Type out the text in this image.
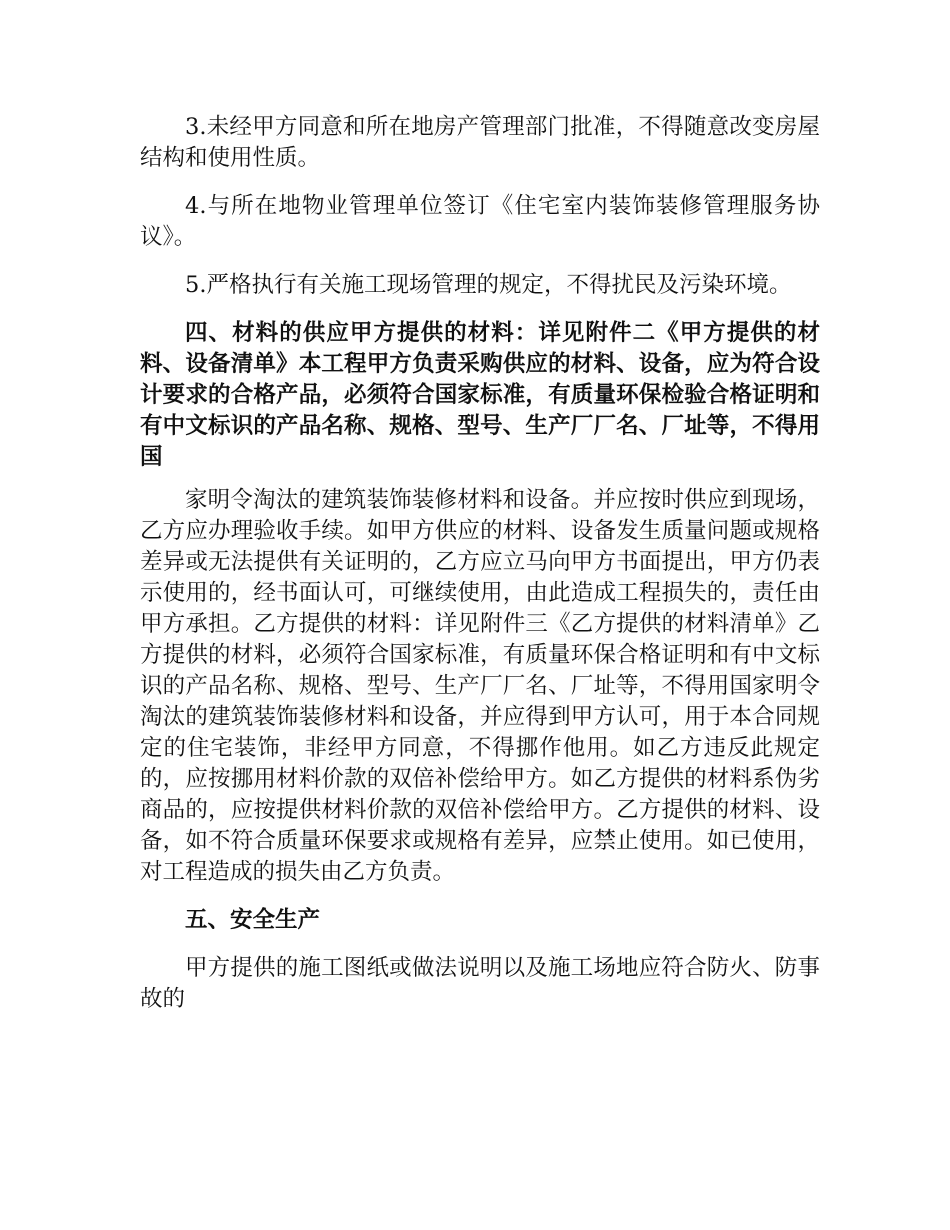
3.未经甲方同意和所在地房产管理部门批准，不得随意改变房屋结构和使用性质。

4.与所在地物业管理单位签订《住宅室内装饰装修管理服务协议》。

5.严格执行有关施工现场管理的规定，不得扰民及污染环境。

四、材料的供应甲方提供的材料：详见附件二《甲方提供的材料、设备清单》本工程甲方负责采购供应的材料、设备，应为符合设计要求的合格产品，必须符合国家标准，有质量环保检验合格证明和有中文标识的产品名称、规格、型号、生产厂厂名、厂址等，不得用国

家明令淘汰的建筑装饰装修材料和设备。并应按时供应到现场，乙方应办理验收手续。如甲方供应的材料、设备发生质量问题或规格差异或无法提供有关证明的，乙方应立马向甲方书面提出，甲方仍表示使用的，经书面认可，可继续使用，由此造成工程损失的，责任由甲方承担。乙方提供的材料：详见附件三《乙方提供的材料清单》乙方提供的材料，必须符合国家标准，有质量环保合格证明和有中文标识的产品名称、规格、型号、生产厂厂名、厂址等，不得用国家明令淘汰的建筑装饰装修材料和设备，并应得到甲方认可，用于本合同规定的住宅装饰，非经甲方同意，不得挪作他用。如乙方违反此规定的，应按挪用材料价款的双倍补偿给甲方。如乙方提供的材料系伪劣商品的，应按提供材料价款的双倍补偿给甲方。乙方提供的材料、设备，如不符合质量环保要求或规格有差异，应禁止使用。如已使用，对工程造成的损失由乙方负责。

五、安全生产

甲方提供的施工图纸或做法说明以及施工场地应符合防火、防事故的
